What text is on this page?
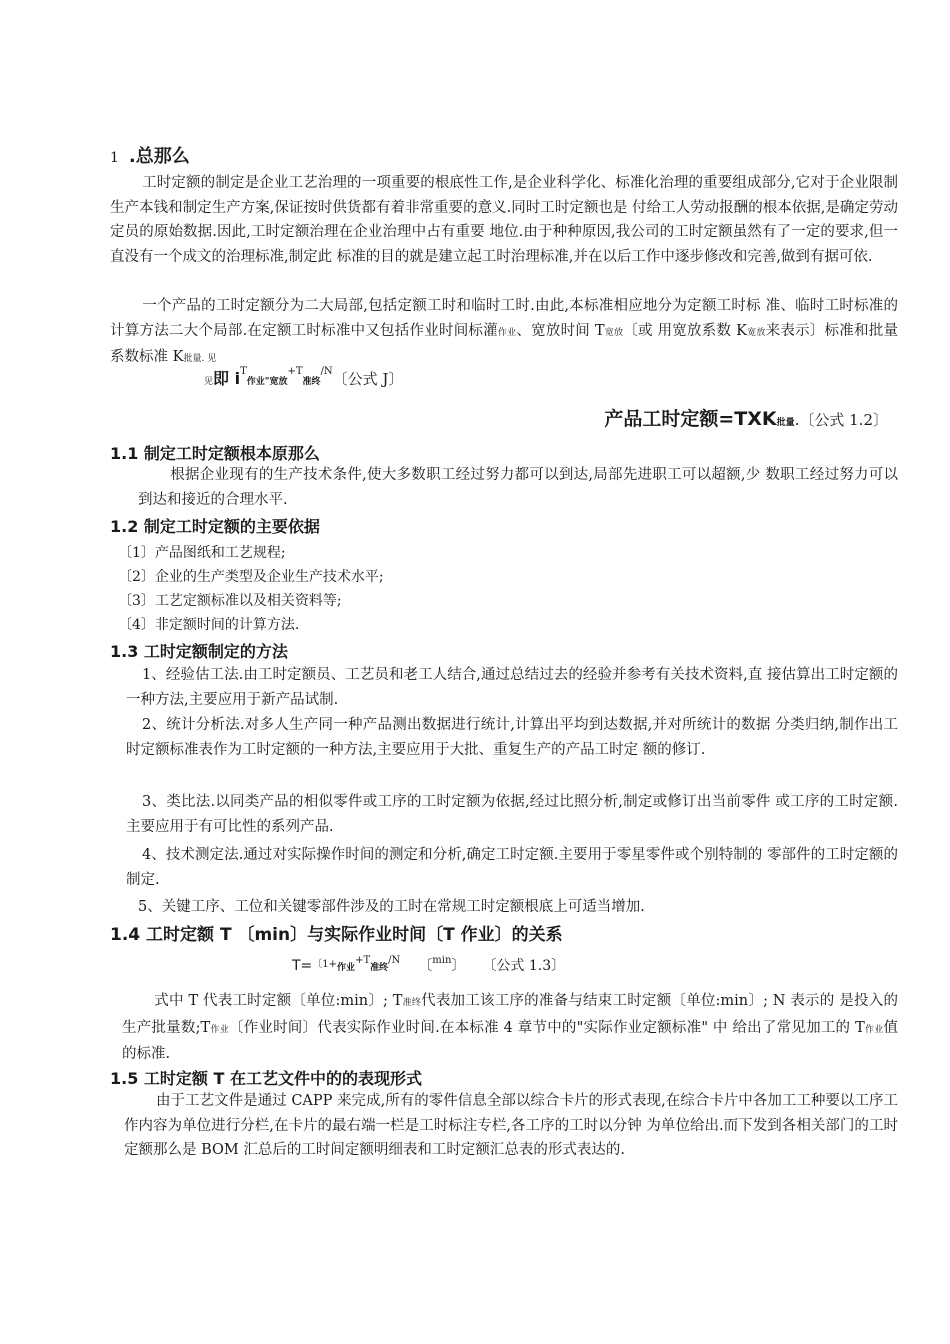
1 .总那么
工时定额的制定是企业工艺治理的一项重要的根底性工作,是企业科学化、标准化治理的重要组成部分,它对于企业限制生产本钱和制定生产方案,保证按时供货都有着非常重要的意义.同时工时定额也是 付给工人劳动报酬的根本依据,是确定劳动定员的原始数据.因此,工时定额治理在企业治理中占有重要 地位.由于种种原因,我公司的工时定额虽然有了一定的要求,但一直没有一个成文的治理标准,制定此 标准的目的就是建立起工时治理标准,并在以后工作中逐步修改和完善,做到有据可依.
一个产品的工时定额分为二大局部,包括定额工时和临时工时.由此,本标准相应地分为定额工时标 准、临时工时标准的计算方法二大个局部.在定额工时标准中又包括作业时间标灌作业、宽放时间 T宽放〔或 用宽放系数 K宽放来表示〕标准和批量系数标准 K批量. 见
见即 $i^T$作业"宽放$^{+T}$准终$^{/N}$〔公式 J〕
产品工时定额=TXK批量.〔公式 1.2〕
1.1 制定工时定额根本原那么
根据企业现有的生产技术条件,使大多数职工经过努力都可以到达,局部先进职工可以超额,少 数职工经过努力可以到达和接近的合理水平.
1.2 制定工时定额的主要依据
〔1〕产品图纸和工艺规程;
〔2〕企业的生产类型及企业生产技术水平;
〔3〕工艺定额标准以及相关资料等;
〔4〕非定额时间的计算方法.
1.3 工时定额制定的方法
1、经验估工法.由工时定额员、工艺员和老工人结合,通过总结过去的经验并参考有关技术资料,直 接估算出工时定额的一种方法,主要应用于新产品试制.
2、统计分析法.对多人生产同一种产品测出数据进行统计,计算出平均到达数据,并对所统计的数据 分类归纳,制作出工时定额标准表作为工时定额的一种方法,主要应用于大批、重复生产的产品工时定 额的修订.
3、类比法.以同类产品的相似零件或工序的工时定额为依据,经过比照分析,制定或修订出当前零件 或工序的工时定额.主要应用于有可比性的系列产品.
4、技术测定法.通过对实际操作时间的测定和分析,确定工时定额.主要用于零星零件或个别特制的 零部件的工时定额的制定.
5、关键工序、工位和关键零部件涉及的工时在常规工时定额根底上可适当增加.
1.4 工时定额 T 〔min〕与实际作业时间〔T 作业〕的关系
T=$^{〔1+}$作业$^{+T}$准终$^{/N}$ 〔$^{min}$〕 〔公式 1.3〕
式中 T 代表工时定额〔单位:min〕; T准终代表加工该工序的准备与结束工时定额〔单位:min〕; N 表示的 是投入的生产批量数;T作业〔作业时间〕代表实际作业时间.在本标准 4 章节中的"实际作业定额标准" 中 给出了常见加工的 T作业值的标准.
1.5 工时定额 T 在工艺文件中的的表现形式
由于工艺文件是通过 CAPP 来完成,所有的零件信息全部以综合卡片的形式表现,在综合卡片中各加工工种要以工序工作内容为单位进行分栏,在卡片的最右端一栏是工时标注专栏,各工序的工时以分钟 为单位给出.而下发到各相关部门的工时定额那么是 BOM 汇总后的工时间定额明细表和工时定额汇总表的形式表达的.
